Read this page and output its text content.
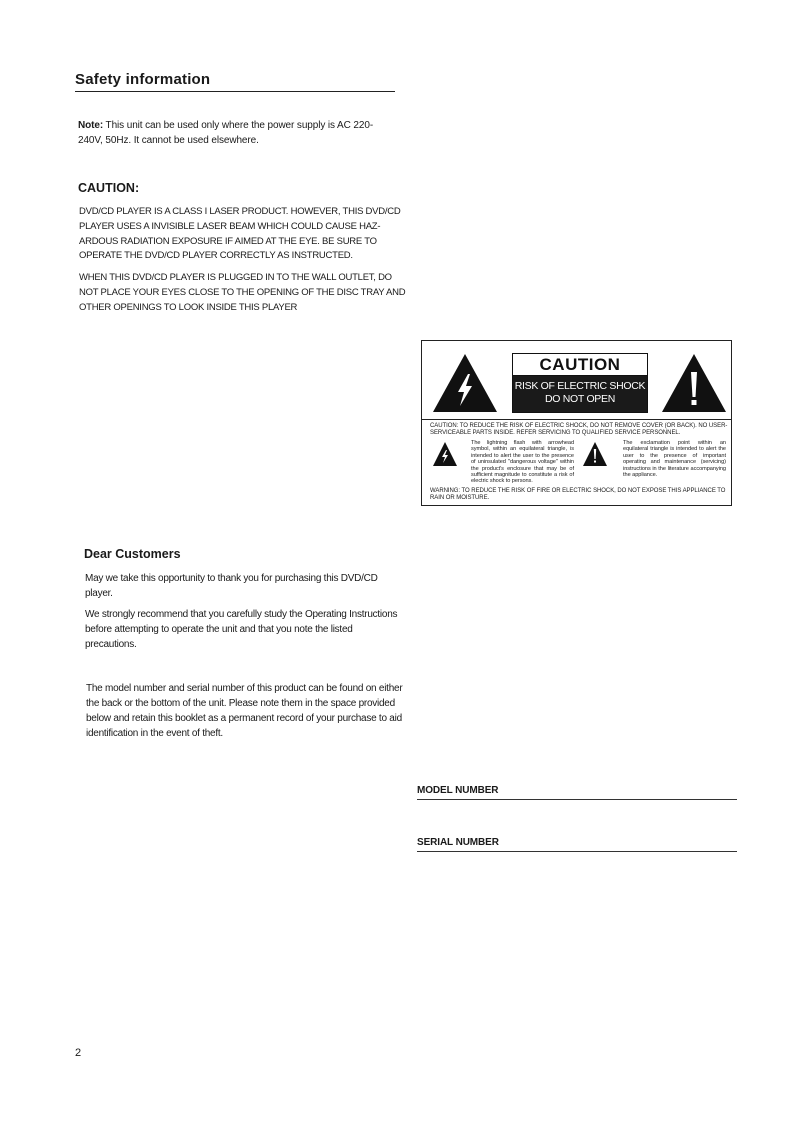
Safety information

Note: This unit can be used only where the power supply is AC 220-240V, 50Hz. It cannot be used elsewhere.

CAUTION:

DVD/CD PLAYER IS A CLASS I LASER PRODUCT. HOWEVER, THIS DVD/CD PLAYER USES A INVISIBLE LASER BEAM WHICH COULD CAUSE HAZ-ARDOUS RADIATION EXPOSURE IF AIMED AT THE EYE. BE SURE TO OPERATE THE DVD/CD PLAYER CORRECTLY AS INSTRUCTED.

WHEN THIS DVD/CD PLAYER IS PLUGGED IN TO THE WALL OUTLET, DO NOT PLACE YOUR EYES CLOSE TO THE OPENING OF THE DISC TRAY AND OTHER OPENINGS TO LOOK INSIDE THIS PLAYER

CAUTION
RISK OF ELECTRIC SHOCK
DO NOT OPEN
CAUTION: TO REDUCE THE RISK OF ELECTRIC SHOCK, DO NOT REMOVE COVER (OR BACK). NO USER-SERVICEABLE PARTS INSIDE. REFER SERVICING TO QUALIFIED SERVICE PERSONNEL.
The lightning flash with arrowhead symbol, within an equilateral triangle, is intended to alert the user to the presence of uninsulated "dangerous voltage" within the product's enclosure that may be of sufficient magnitude to constitute a risk of electric shock to persons.
The exclamation point within an equilateral triangle is intended to alert the user to the presence of important operating and maintenance (servicing) instructions in the literature accompanying the appliance.
WARNING: TO REDUCE THE RISK OF FIRE OR ELECTRIC SHOCK, DO NOT EXPOSE THIS APPLIANCE TO RAIN OR MOISTURE.
Dear Customers

May we take this opportunity to thank you for purchasing this DVD/CD player.

We strongly recommend that you carefully study the Operating Instructions before attempting to operate the unit and that you note the listed precautions.

The model number and serial number of this product can be found on either the back or the bottom of the unit. Please note them in the space provided below and retain this booklet as a permanent record of your purchase to aid identification in the event of theft.

MODEL NUMBER
SERIAL NUMBER

2
